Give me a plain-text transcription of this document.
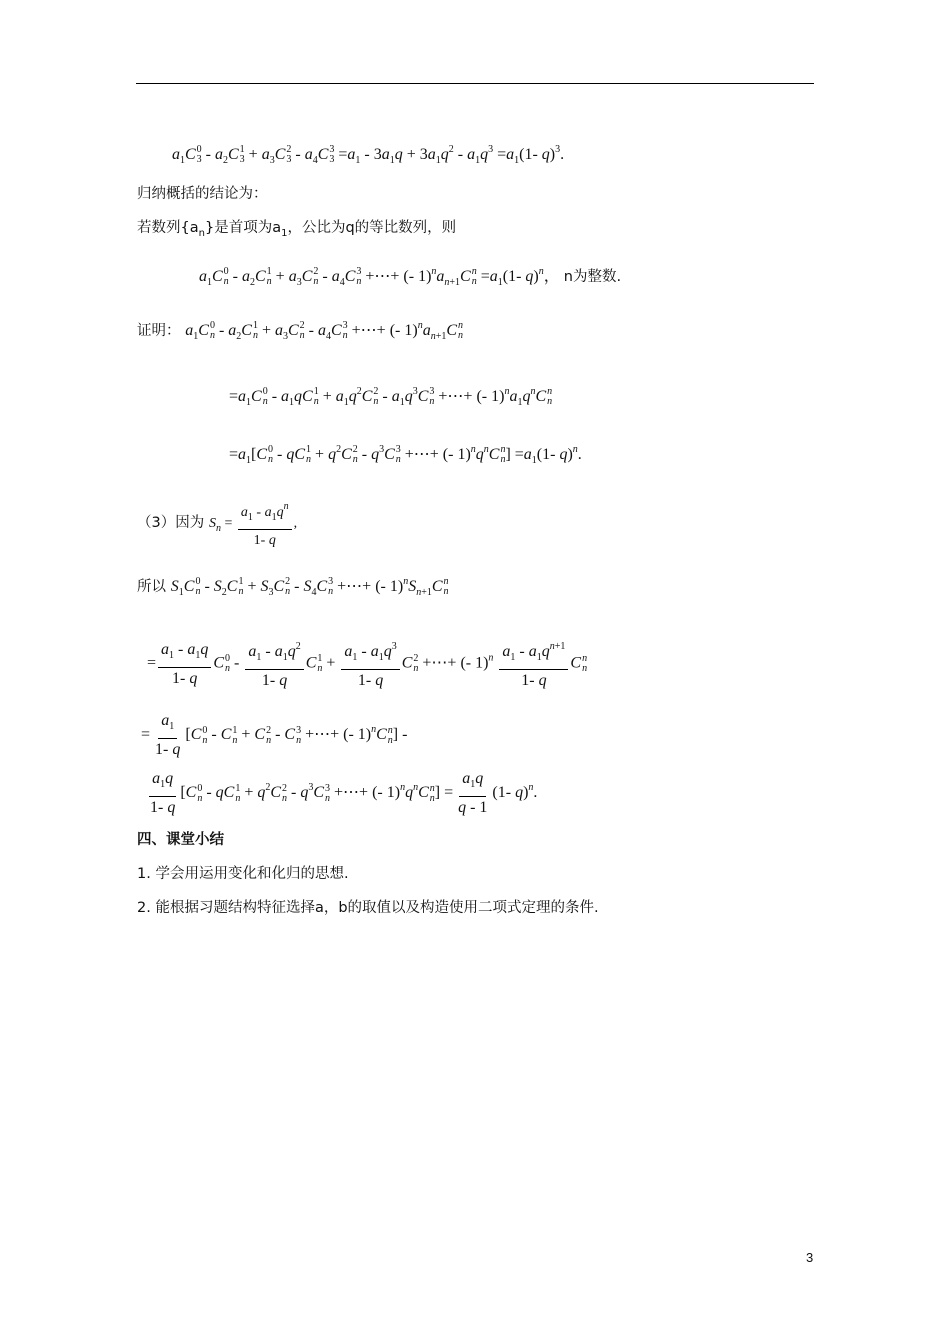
$a_1C$ 0
$3 - a_2C$ 1
$3 + a_3C$ 2
$3 - a_4C$ 3
$3 =a_1 - 3a_1q + 3a_1q^2 - a_1q^3 =a_1(1-$ q)$^3$.
归纳概括的结论为：
若数列$\{a_n\}$是首项为$a_1$，公比为q的等比数列，则
$a_1C$ 0
n - $a_2C$ 1
$n + a_3C$ 2
n - $a_4C$ 3
n +⋯+ (- $1)^na_{n+1}C$ n
$n =a_1(1-$ q)$^n$， n为整数.
证明： $a_1C$ 0
n - $a_2C$ 1
$n + a_3C$ 2
n - $a_4C$ 3
n +⋯+ (- $1)^na_{n+1}C$ n
n
$=a_1C$ 0
n - $a_1qC$ 1
$n + a_1q^2C$ 2
n - $a_1q^3C$ 3
n +⋯+ (- $1)^na_1q^nC$ n
n
$=a_1[C$ 0
n - qC 1
$n + q^2C$ 2
n - $q^3C$ 3
n +⋯+ (- $1)^nq^nC$ n
n ] $=a_1(1-$ q)$^n$.
（3）因为 $S_n = \frac{a_1 - a_1q^n}{1- q}$ ,
所以 $S_1C$ 0
n - $S_2C$ 1
$n + S_3C$ 2
n - $S_4C$ 3
n +⋯+ (- $1)^nS_{n+1}C$ n
n
= $\frac{a_1 - a_1q}{1- q}$ C 0
n - $\frac{a_1 - a_1q^2}{1- q}$ C 1
$n + \frac{a_1 - a_1q^3}{1- q}$ C 2
n +⋯+ (- $1)^n \frac{a_1 - a_1q^{n+1}}{1- q}$ C n
n
= $\frac{a_1}{1- q} [C$ 0
n - C 1
n + C 2
n - C 3
n +⋯+ (- 1)$^n$C n
n ] -
$\frac{a_1q}{1- q} [C$ 0
n - qC 1
$n + q^2C$ 2
n - $q^3C$ 3
n +⋯+ (- $1)^nq^nC$ n
n ] = $\frac{a_1q}{q - 1} (1-$ q)$^n$.
四、课堂小结
1. 学会用运用变化和化归的思想.
2. 能根据习题结构特征选择a，b的取值以及构造使用二项式定理的条件.
3
